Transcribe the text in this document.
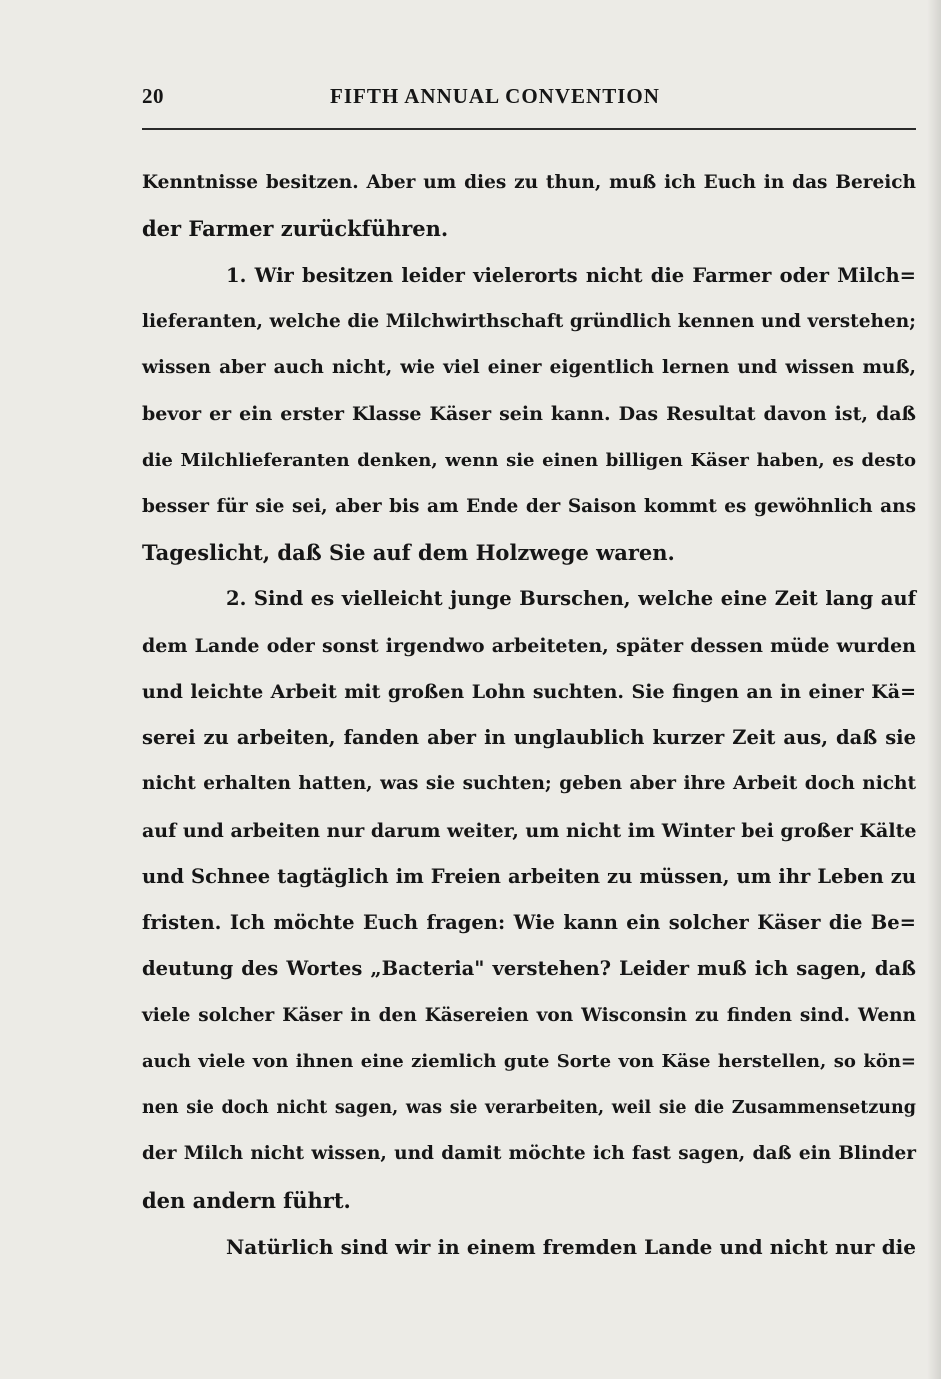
20	FIFTH ANNUAL CONVENTION
Kenntnisse besitzen. Aber um dies zu thun, muß ich Euch in das Bereich
der Farmer zurückführen.
1. Wir besitzen leider vielerorts nicht die Farmer oder Milch=
lieferanten, welche die Milchwirthschaft gründlich kennen und verstehen;
wissen aber auch nicht, wie viel einer eigentlich lernen und wissen muß,
bevor er ein erster Klasse Käser sein kann. Das Resultat davon ist, daß
die Milchlieferanten denken, wenn sie einen billigen Käser haben, es desto
besser für sie sei, aber bis am Ende der Saison kommt es gewöhnlich ans
Tageslicht, daß Sie auf dem Holzwege waren.
2. Sind es vielleicht junge Burschen, welche eine Zeit lang auf
dem Lande oder sonst irgendwo arbeiteten, später dessen müde wurden
und leichte Arbeit mit großen Lohn suchten. Sie fingen an in einer Kä=
serei zu arbeiten, fanden aber in unglaublich kurzer Zeit aus, daß sie
nicht erhalten hatten, was sie suchten; geben aber ihre Arbeit doch nicht
auf und arbeiten nur darum weiter, um nicht im Winter bei großer Kälte
und Schnee tagtäglich im Freien arbeiten zu müssen, um ihr Leben zu
fristen. Ich möchte Euch fragen: Wie kann ein solcher Käser die Be=
deutung des Wortes „Bacteria" verstehen? Leider muß ich sagen, daß
viele solcher Käser in den Käsereien von Wisconsin zu finden sind. Wenn
auch viele von ihnen eine ziemlich gute Sorte von Käse herstellen, so kön=
nen sie doch nicht sagen, was sie verarbeiten, weil sie die Zusammensetzung
der Milch nicht wissen, und damit möchte ich fast sagen, daß ein Blinder
den andern führt.
Natürlich sind wir in einem fremden Lande und nicht nur die
